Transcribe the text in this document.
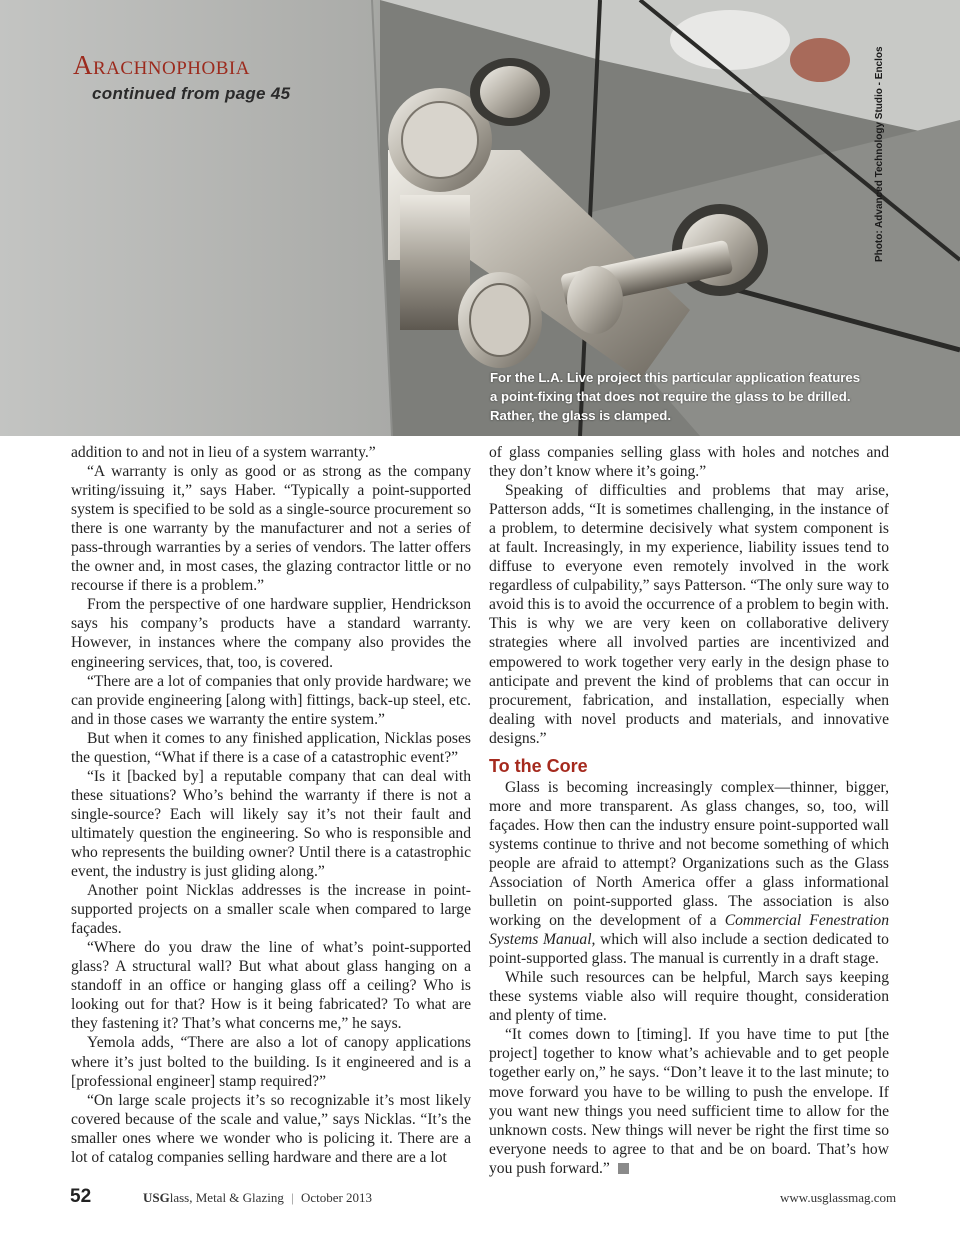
Arachnophobia
continued from page 45	Photo: Advanced Technology Studio - Enclos
For the L.A. Live project this particular application features
a point-fixing that does not require the glass to be drilled.
Rather, the glass is clamped.

addition to and not in lieu of a system warranty.”

“A warranty is only as good or as strong as the company writing/issuing it,” says Haber. “Typically a point-supported system is specified to be sold as a single-source procurement so there is one warranty by the manufacturer and not a series of pass-through warranties by a series of vendors. The latter offers the owner and, in most cases, the glazing contractor little or no recourse if there is a problem.”

From the perspective of one hardware supplier, Hendrickson says his company’s products have a standard warranty. However, in instances where the company also provides the engineering services, that, too, is covered.

“There are a lot of companies that only provide hardware; we can provide engineering [along with] fittings, back-up steel, etc. and in those cases we warranty the entire system.”

But when it comes to any finished application, Nicklas poses the question, “What if there is a case of a catastrophic event?”

“Is it [backed by] a reputable company that can deal with these situations? Who’s behind the warranty if there is not a single-source? Each will likely say it’s not their fault and ultimately question the engineering. So who is responsible and who represents the building owner? Until there is a catastrophic event, the industry is just gliding along.”

Another point Nicklas addresses is the increase in point-supported projects on a smaller scale when compared to large façades.

“Where do you draw the line of what’s point-supported glass? A structural wall? But what about glass hanging on a standoff in an office or hanging glass off a ceiling? Who is looking out for that? How is it being fabricated? To what are they fastening it? That’s what concerns me,” he says.

Yemola adds, “There are also a lot of canopy applications where it’s just bolted to the building. Is it engineered and is a [professional engineer] stamp required?”

“On large scale projects it’s so recognizable it’s most likely covered because of the scale and value,” says Nicklas. “It’s the smaller ones where we wonder who is policing it. There are a lot of catalog companies selling hardware and there are a lot

of glass companies selling glass with holes and notches and they don’t know where it’s going.”

Speaking of difficulties and problems that may arise, Patterson adds, “It is sometimes challenging, in the instance of a problem, to determine decisively what system component is at fault. Increasingly, in my experience, liability issues tend to diffuse to everyone even remotely involved in the work regardless of culpability,” says Patterson. “The only sure way to avoid this is to avoid the occurrence of a problem to begin with. This is why we are very keen on collaborative delivery strategies where all involved parties are incentivized and empowered to work together very early in the design phase to anticipate and prevent the kind of problems that can occur in procurement, fabrication, and installation, especially when dealing with novel products and materials, and innovative designs.”

To the Core

Glass is becoming increasingly complex—thinner, bigger, more and more transparent. As glass changes, so, too, will façades. How then can the industry ensure point-supported wall systems continue to thrive and not become something of which people are afraid to attempt? Organizations such as the Glass Association of North America offer a glass informational bulletin on point-supported glass. The association is also working on the development of a Commercial Fenestration Systems Manual, which will also include a section dedicated to point-supported glass. The manual is currently in a draft stage.

While such resources can be helpful, March says keeping these systems viable also will require thought, consideration and plenty of time.

“It comes down to [timing]. If you have time to put [the project] together to know what’s achievable and to get people together early on,” he says. “Don’t leave it to the last minute; to move forward you have to be willing to push the envelope. If you want new things you need sufficient time to allow for the unknown costs. New things will never be right the first time so everyone needs to agree to that and be on board. That’s how you push forward.”

52	USGlass, Metal & Glazing | October 2013	www.usglassmag.com
